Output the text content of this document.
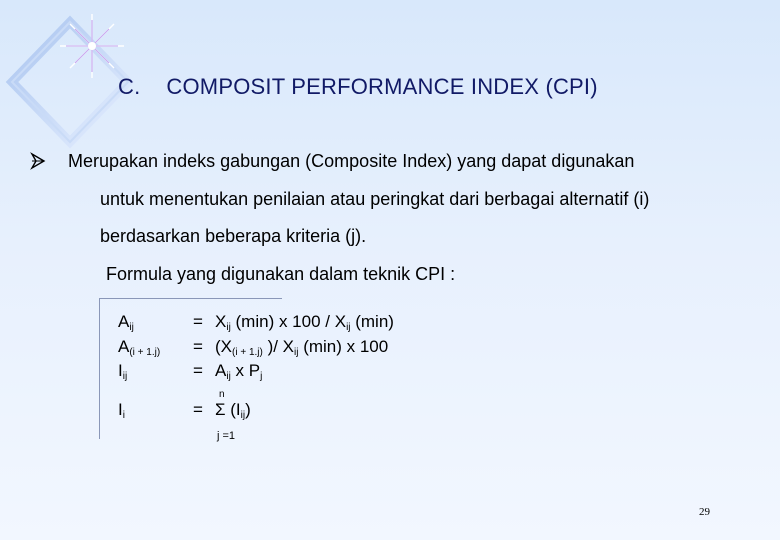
C. COMPOSIT PERFORMANCE INDEX (CPI)
Merupakan indeks gabungan (Composite Index) yang dapat digunakan
untuk menentukan penilaian atau peringkat dari berbagai alternatif (i)
berdasarkan beberapa kriteria (j).
Formula yang digunakan dalam teknik CPI :
$A_{ij}$	= $X_{ij}$ (min) x $100 / X_{ij}$ (min)
$A_{(i + 1.j)} = (X_{(i + 1.j)}$ )/ $X_{ij}$ (min) x 100
$I_{ij}$	= $A_{ij}$ x $P_j$
n
$I_i$	= Σ $(I_{ij})$
j =1
29
